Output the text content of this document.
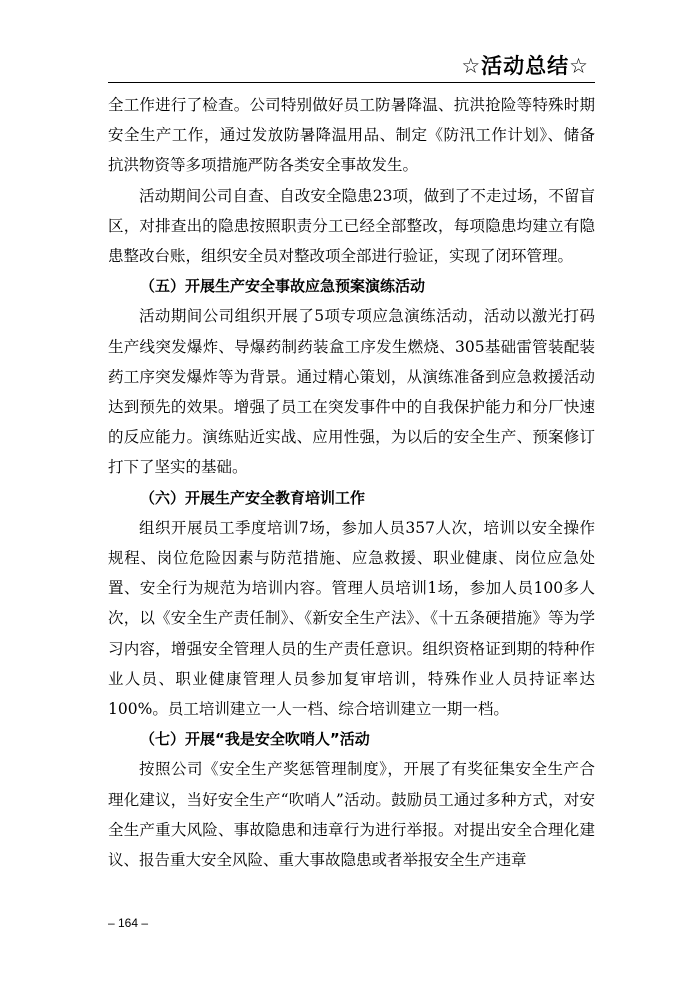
☆活动总结☆

全工作进行了检查。公司特别做好员工防暑降温、抗洪抢险等特殊时期安全生产工作，通过发放防暑降温用品、制定《防汛工作计划》、储备抗洪物资等多项措施严防各类安全事故发生。

活动期间公司自查、自改安全隐患23项，做到了不走过场，不留盲区，对排查出的隐患按照职责分工已经全部整改，每项隐患均建立有隐患整改台账，组织安全员对整改项全部进行验证，实现了闭环管理。

（五）开展生产安全事故应急预案演练活动

活动期间公司组织开展了5项专项应急演练活动，活动以激光打码生产线突发爆炸、导爆药制药装盒工序发生燃烧、305基础雷管装配装药工序突发爆炸等为背景。通过精心策划，从演练准备到应急救援活动达到预先的效果。增强了员工在突发事件中的自我保护能力和分厂快速的反应能力。演练贴近实战、应用性强，为以后的安全生产、预案修订打下了坚实的基础。

（六）开展生产安全教育培训工作

组织开展员工季度培训7场，参加人员357人次，培训以安全操作规程、岗位危险因素与防范措施、应急救援、职业健康、岗位应急处置、安全行为规范为培训内容。管理人员培训1场，参加人员100多人次，以《安全生产责任制》、《新安全生产法》、《十五条硬措施》等为学习内容，增强安全管理人员的生产责任意识。组织资格证到期的特种作业人员、职业健康管理人员参加复审培训，特殊作业人员持证率达100%。员工培训建立一人一档、综合培训建立一期一档。

（七）开展“我是安全吹哨人”活动

按照公司《安全生产奖惩管理制度》，开展了有奖征集安全生产合理化建议，当好安全生产“吹哨人”活动。鼓励员工通过多种方式，对安全生产重大风险、事故隐患和违章行为进行举报。对提出安全合理化建议、报告重大安全风险、重大事故隐患或者举报安全生产违章

– 164 –
